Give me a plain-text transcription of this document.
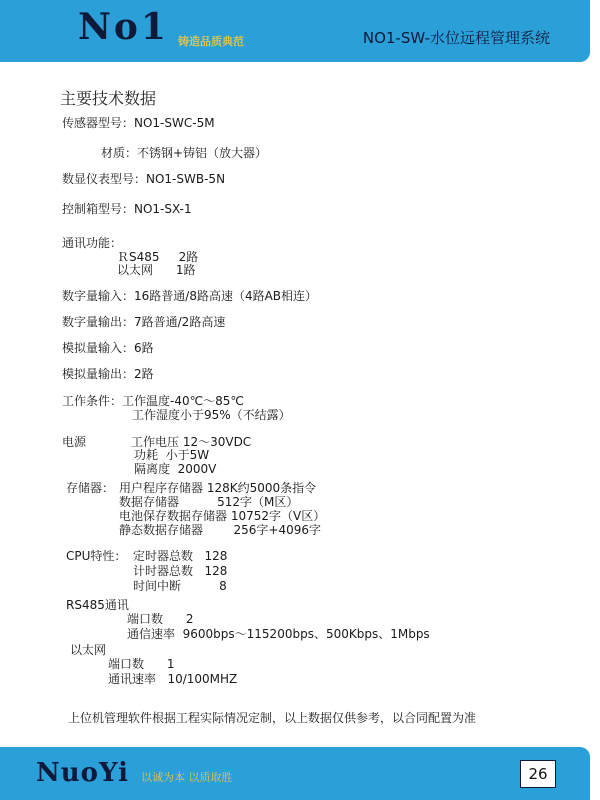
No1 铸造品质典范	NO1-SW-水位远程管理系统
主要技术数据
传感器型号：NO1-SWC-5M
材质：不锈钢+铸铝（放大器）
数显仪表型号：NO1-SWB-5N
控制箱型号：NO1-SX-1
通讯功能：
ＲS485     2路
以太网      1路
数字量输入：16路普通/8路高速（4路AB相连）
数字量输出：7路普通/2路高速
模拟量输入：6路
模拟量输出：2路
工作条件：工作温度-40℃～85℃
工作湿度小于95%（不结露）
电源	工作电压 12～30VDC
功耗  小于5W
隔离度  2000V
存储器： 用户程序存储器 128K约5000条指令
数据存储器          512字（M区）
电池保存数据存储器 10752字（V区）
静态数据存储器        256字+4096字
CPU特性： 定时器总数   128
计时器总数   128
时间中断          8
RS485通讯
端口数      2
通信速率  9600bps～115200bps、500Kbps、1Mbps
以太网
端口数      1
通讯速率   10/100MHZ
上位机管理软件根据工程实际情况定制，以上数据仅供参考，以合同配置为准
NuoYi 以诚为本 以质取胜	26
